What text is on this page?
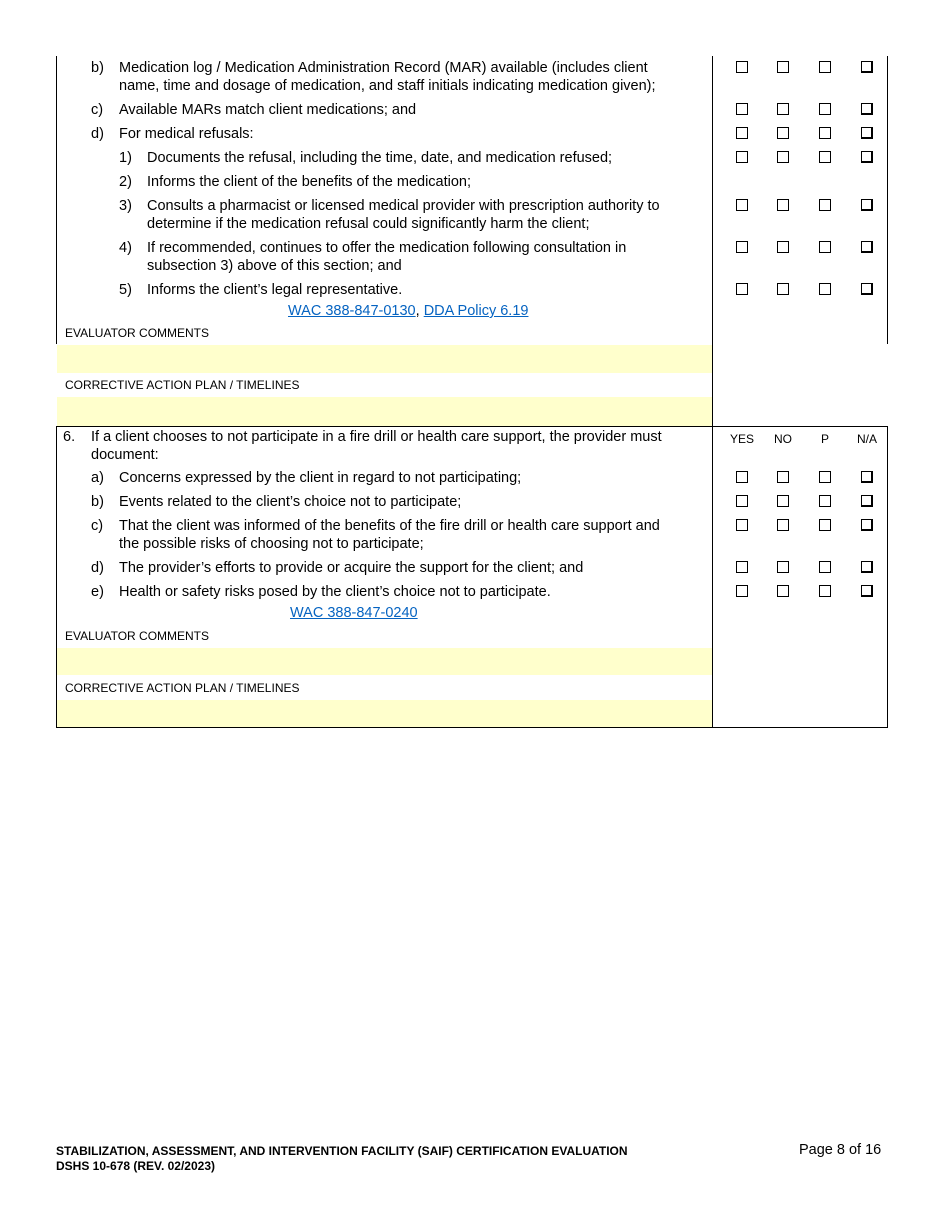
b) Medication log / Medication Administration Record (MAR) available (includes client
name, time and dosage of medication, and staff initials indicating medication given);
c) Available MARs match client medications; and
d) For medical refusals:
1) Documents the refusal, including the time, date, and medication refused;
2) Informs the client of the benefits of the medication;
3) Consults a pharmacist or licensed medical provider with prescription authority to
determine if the medication refusal could significantly harm the client;
4) If recommended, continues to offer the medication following consultation in
subsection 3) above of this section; and
5) Informs the client’s legal representative.
WAC 388-847-0130, DDA Policy 6.19
EVALUATOR COMMENTS
CORRECTIVE ACTION PLAN / TIMELINES
6. If a client chooses to not participate in a fire drill or health care support, the provider must
document:
YES	NO	P	N/A
a) Concerns expressed by the client in regard to not participating;
b) Events related to the client’s choice not to participate;
c) That the client was informed of the benefits of the fire drill or health care support and
the possible risks of choosing not to participate;
d) The provider’s efforts to provide or acquire the support for the client; and
e) Health or safety risks posed by the client’s choice not to participate.
WAC 388-847-0240
EVALUATOR COMMENTS
CORRECTIVE ACTION PLAN / TIMELINES
STABILIZATION, ASSESSMENT, AND INTERVENTION FACILITY (SAIF) CERTIFICATION EVALUATION
DSHS 10-678 (REV. 02/2023)
Page 8 of 16
